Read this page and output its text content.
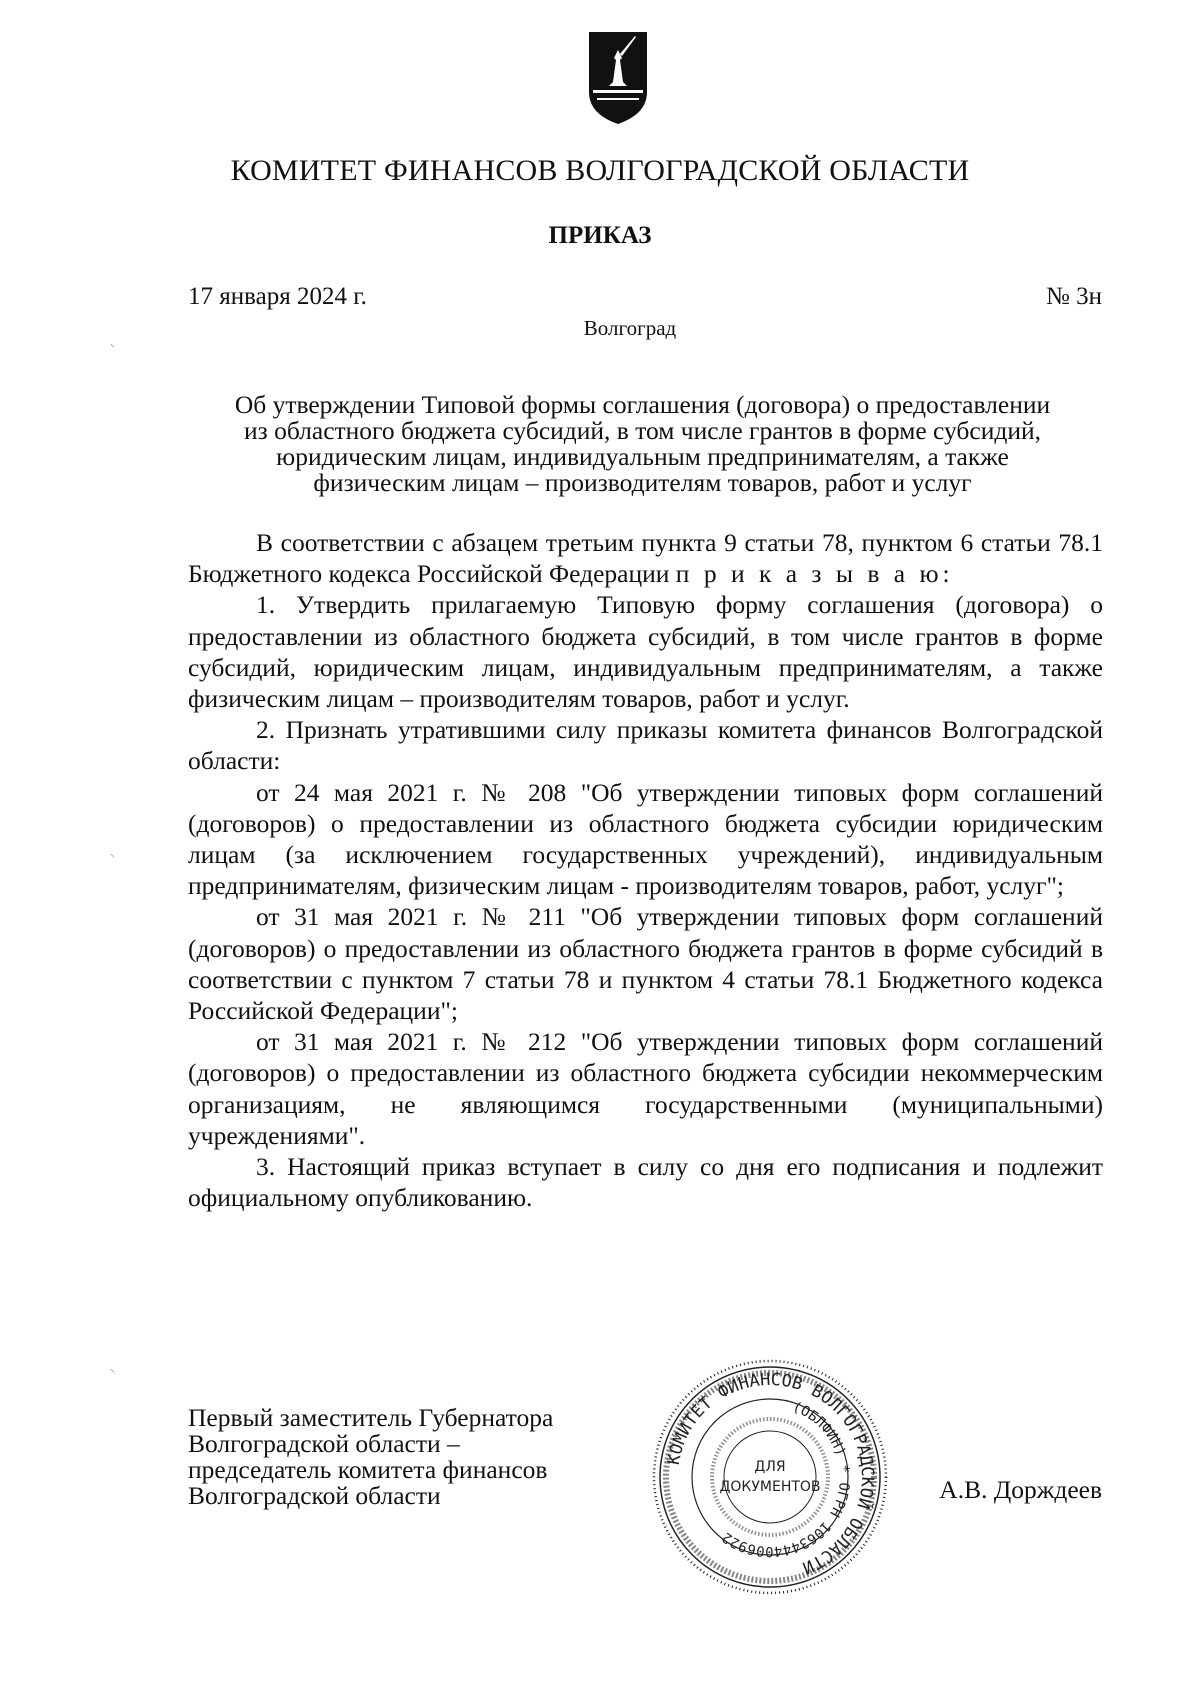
КОМИТЕТ ФИНАНСОВ ВОЛГОГРАДСКОЙ ОБЛАСТИ
ПРИКАЗ
17 января 2024 г.	№ 3н
Волгоград
Об утверждении Типовой формы соглашения (договора) о предоставлении
из областного бюджета субсидий, в том числе грантов в форме субсидий,
юридическим лицам, индивидуальным предпринимателям, а также
физическим лицам – производителям товаров, работ и услуг

В соответствии с абзацем третьим пункта 9 статьи 78, пунктом 6 статьи 78.1 Бюджетного кодекса Российской Федерации п р и к а з ы в а ю:

1. Утвердить прилагаемую Типовую форму соглашения (договора) о предоставлении из областного бюджета субсидий, в том числе грантов в форме субсидий, юридическим лицам, индивидуальным предпринимателям, а также физическим лицам – производителям товаров, работ и услуг.

2. Признать утратившими силу приказы комитета финансов Волгоградской области:

от 24 мая 2021 г. № 208 "Об утверждении типовых форм соглашений (договоров) о предоставлении из областного бюджета субсидии юридическим лицам (за исключением государственных учреждений), индивидуальным предпринимателям, физическим лицам - производителям товаров, работ, услуг";

от 31 мая 2021 г. № 211 "Об утверждении типовых форм соглашений (договоров) о предоставлении из областного бюджета грантов в форме субсидий в соответствии с пунктом 7 статьи 78 и пунктом 4 статьи 78.1 Бюджетного кодекса Российской Федерации";

от 31 мая 2021 г. № 212 "Об утверждении типовых форм соглашений (договоров) о предоставлении из областного бюджета субсидии некоммерческим организациям, не являющимся государственными (муниципальными) учреждениями".

3. Настоящий приказ вступает в силу со дня его подписания и подлежит официальному опубликованию.

Первый заместитель Губернатора
Волгоградской области –
председатель комитета финансов
Волгоградской области
КОМИТЕТ ФИНАНСОВ ВОЛГОГРАДСКОЙ ОБЛАСТИ
(ОБЛФИН) * ОГРН 1063444006922
ДЛЯ
ДОКУМЕНТОВ	А.В. Дорждеев
⸌
⸌
⸌
